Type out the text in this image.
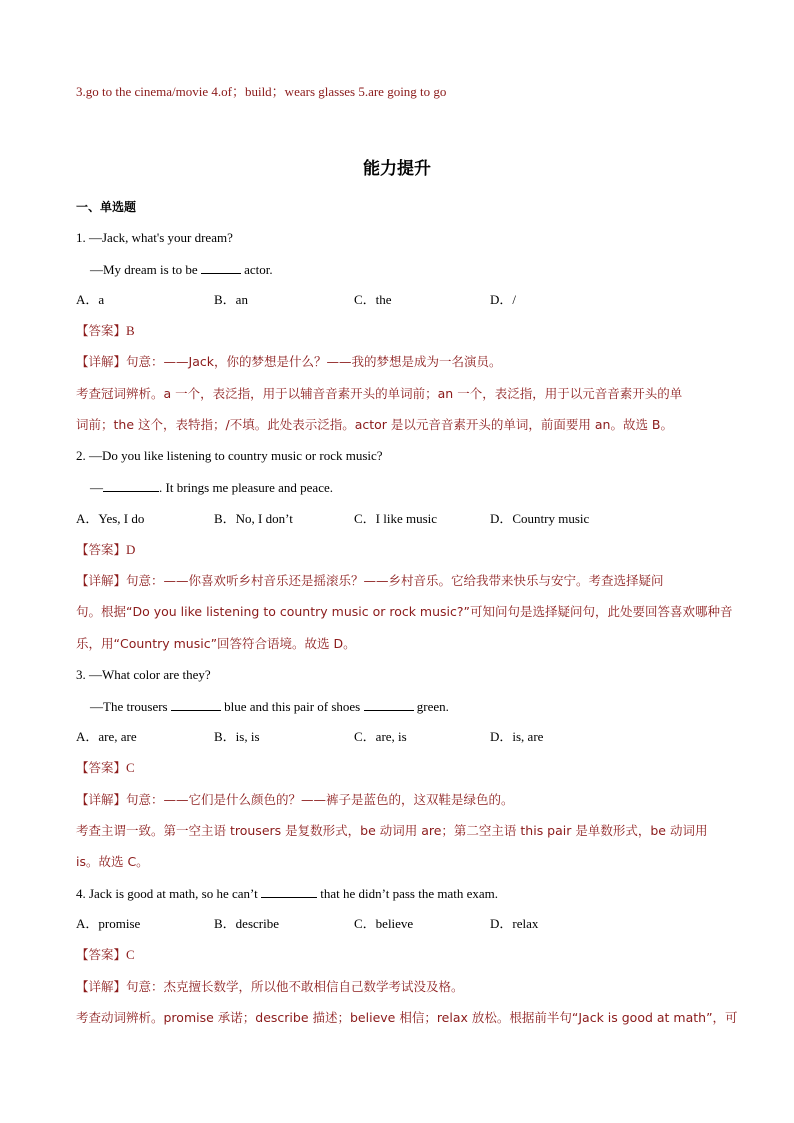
3.go to the cinema/movie 4.of；build；wears glasses 5.are going to go
能力提升
一、单选题
1. —Jack, what's your dream?
—My dream is to be	actor.
A．a	B．an	C．the	D．/
【答案】B
【详解】句意：——Jack，你的梦想是什么？——我的梦想是成为一名演员。
考查冠词辨析。a 一个，表泛指，用于以辅音音素开头的单词前；an 一个，表泛指，用于以元音音素开头的单
词前；the 这个，表特指；/不填。此处表示泛指。actor 是以元音音素开头的单词，前面要用 an。故选 B。
2. —Do you like listening to country music or rock music?
—	. It brings me pleasure and peace.
A．Yes, I do	B．No, I don’t	C．I like music	D．Country music
【答案】D
【详解】句意：——你喜欢听乡村音乐还是摇滚乐？——乡村音乐。它给我带来快乐与安宁。考查选择疑问
句。根据“Do you like listening to country music or rock music?”可知问句是选择疑问句，此处要回答喜欢哪种音
乐，用“Country music”回答符合语境。故选 D。
3. —What color are they?
—The trousers	blue and this pair of shoes	green.
A．are, are	B．is, is	C．are, is	D．is, are
【答案】C
【详解】句意：——它们是什么颜色的？——裤子是蓝色的，这双鞋是绿色的。
考查主谓一致。第一空主语 trousers 是复数形式，be 动词用 are；第二空主语 this pair 是单数形式，be 动词用
is。故选 C。
4. Jack is good at math, so he can’t	that he didn’t pass the math exam.
A．promise	B．describe	C．believe	D．relax
【答案】C
【详解】句意：杰克擅长数学，所以他不敢相信自己数学考试没及格。
考查动词辨析。promise 承诺；describe 描述；believe 相信；relax 放松。根据前半句“Jack is good at math”，可
